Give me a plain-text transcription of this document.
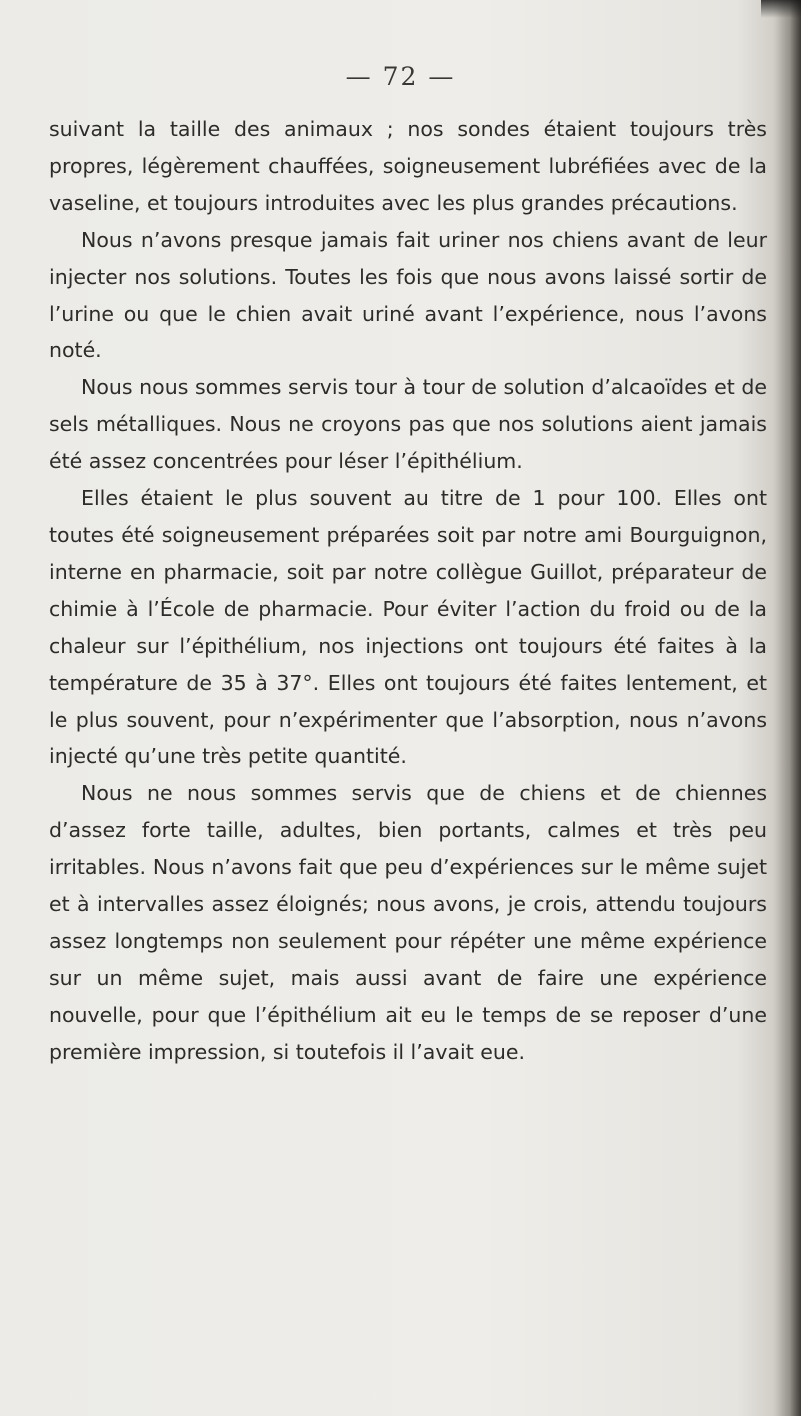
— 72 —

suivant la taille des animaux ; nos sondes étaient toujours très propres, légèrement chauffées, soigneusement lubréfiées avec de la vaseline, et toujours introduites avec les plus grandes précautions.

Nous n’avons presque jamais fait uriner nos chiens avant de leur injecter nos solutions. Toutes les fois que nous avons laissé sortir de l’urine ou que le chien avait uriné avant l’expérience, nous l’avons noté.

Nous nous sommes servis tour à tour de solution d’alcaoïdes et de sels métalliques. Nous ne croyons pas que nos solutions aient jamais été assez concentrées pour léser l’épithélium.

Elles étaient le plus souvent au titre de 1 pour 100. Elles ont toutes été soigneusement préparées soit par notre ami Bourguignon, interne en pharmacie, soit par notre collègue Guillot, préparateur de chimie à l’École de pharmacie. Pour éviter l’action du froid ou de la chaleur sur l’épithélium, nos injections ont toujours été faites à la température de 35 à 37°. Elles ont toujours été faites lentement, et le plus souvent, pour n’expérimenter que l’absorption, nous n’avons injecté qu’une très petite quantité.

Nous ne nous sommes servis que de chiens et de chiennes d’assez forte taille, adultes, bien portants, calmes et très peu irritables. Nous n’avons fait que peu d’expériences sur le même sujet et à intervalles assez éloignés; nous avons, je crois, attendu toujours assez longtemps non seulement pour répéter une même expérience sur un même sujet, mais aussi avant de faire une expérience nouvelle, pour que l’épithélium ait eu le temps de se reposer d’une première impression, si toutefois il l’avait eue.
